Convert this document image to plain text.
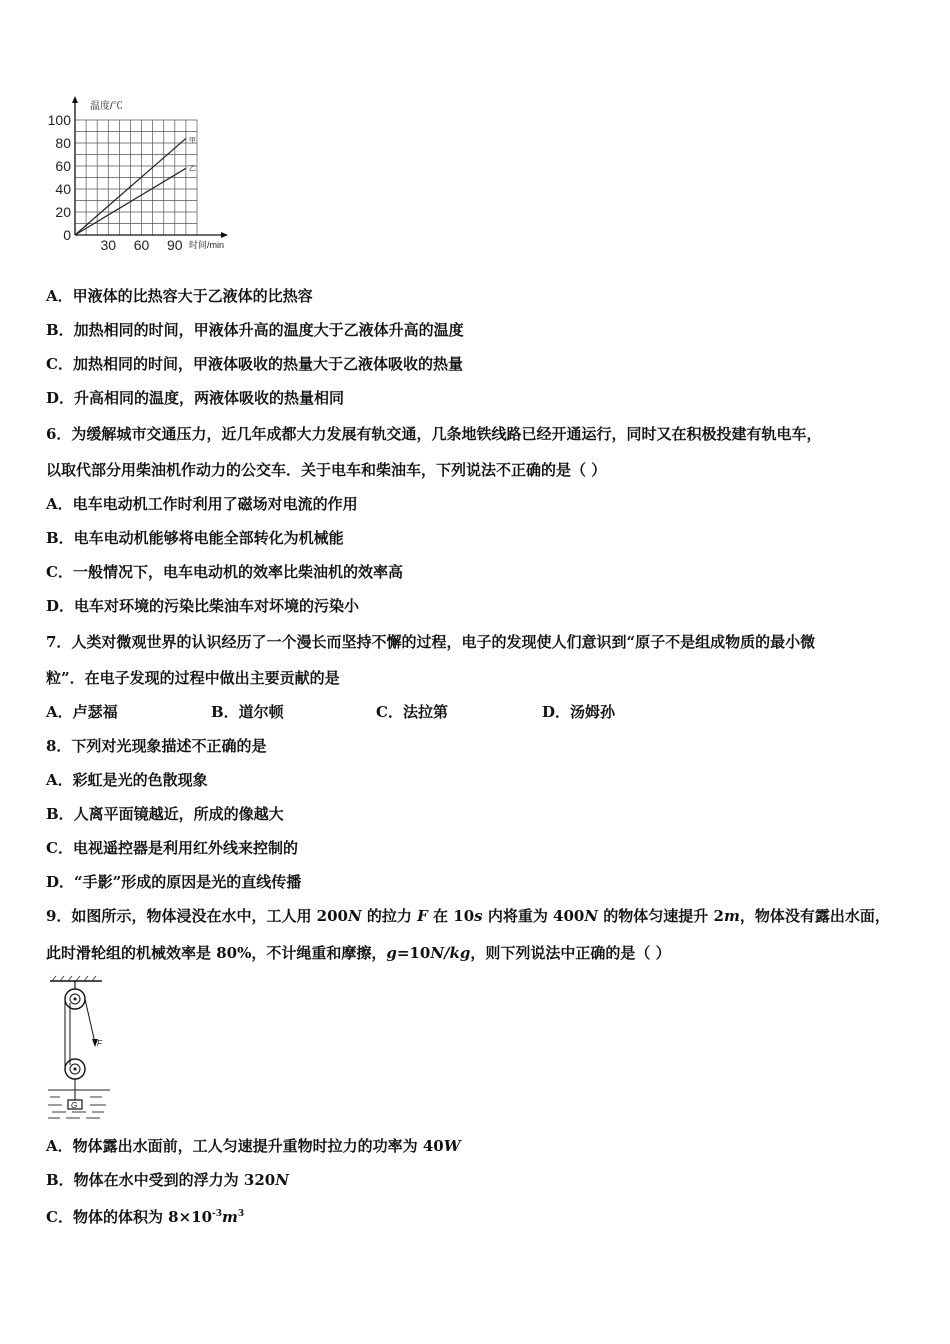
甲
乙
100
80
60
40
20
0
30 60 90
温度/℃
时间/min
A．甲液体的比热容大于乙液体的比热容
B．加热相同的时间，甲液体升高的温度大于乙液体升高的温度
C．加热相同的时间，甲液体吸收的热量大于乙液体吸收的热量
D．升高相同的温度，两液体吸收的热量相同
6．为缓解城市交通压力，近几年成都大力发展有轨交通，几条地铁线路已经开通运行，同时又在积极投建有轨电车，
以取代部分用柴油机作动力的公交车．关于电车和柴油车，下列说法不正确的是（ ）
A．电车电动机工作时利用了磁场对电流的作用
B．电车电动机能够将电能全部转化为机械能
C．一般情况下，电车电动机的效率比柴油机的效率高
D．电车对环境的污染比柴油车对坏境的污染小
7．人类对微观世界的认识经历了一个漫长而坚持不懈的过程，电子的发现使人们意识到“原子不是组成物质的最小微
粒”．在电子发现的过程中做出主要贡献的是
A．卢瑟福	B．道尔顿	C．法拉第	D．汤姆孙
8．下列对光现象描述不正确的是
A．彩虹是光的色散现象
B．人离平面镜越近，所成的像越大
C．电视遥控器是利用红外线来控制的
D．“手影”形成的原因是光的直线传播
9．如图所示，物体浸没在水中，工人用 200N 的拉力 F 在 10s 内将重为 400N 的物体匀速提升 2m，物体没有露出水面，
此时滑轮组的机械效率是 80%，不计绳重和摩擦，g=10N/kg，则下列说法中正确的是（ ）
F
G
A．物体露出水面前，工人匀速提升重物时拉力的功率为 40W
B．物体在水中受到的浮力为 320N
C．物体的体积为 $8\times 10^{-3}m^3$
